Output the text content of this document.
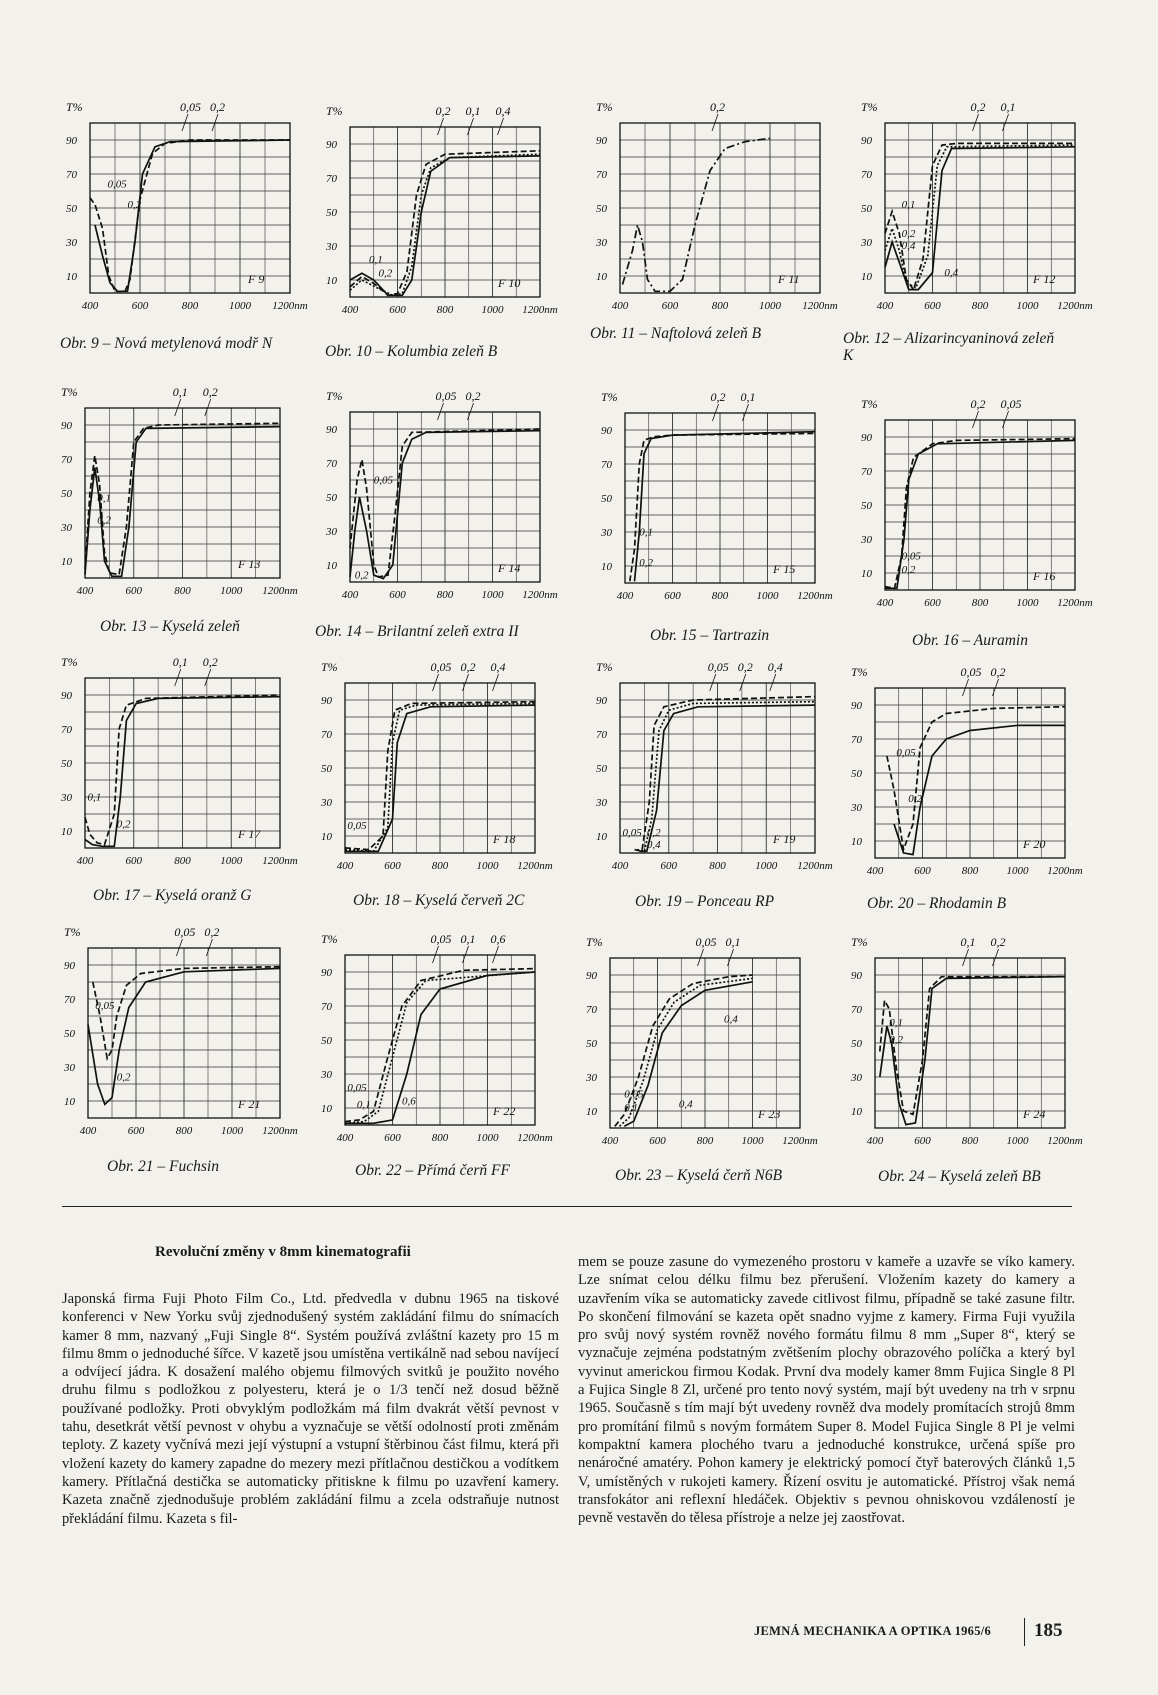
10
30
50
70
90
T%
400	600	800	1000 1200nm
0,05 0,2
0,05
0,2
F 9	10
30
50
70
90
T%
400	600	800	1000 1200nm
0,2 0,1 0,4
0,1
0,2
F 10	10
30
50
70
90
T%
400	600	800	1000 1200nm
0,2
F 11	10
30
50
70
90
T%
400	600	800	1000 1200nm
0,2 0,1
0,1
0,2
0,4
0,4	F 12
10
30
50
70
90
T%
400	600	800	1000 1200nm
0,1 0,2
0,1
0,2
F 13	10
30
50
70
90
T%
400	600	800	1000 1200nm
0,05 0,2
0,05
0,2
F 14	10
30
50
70
90
T%
400	600	800	1000 1200nm
0,2 0,1
0,1
0,2	F 15	10
30
50
70
90
T%
400	600	800	1000 1200nm
0,2 0,05
0,05
0,2	F 16
10
30
50
70
90
T%
400	600	800	1000 1200nm
0,1 0,2
0,1
0,2
F 17	10
30
50
70
90
T%
400	600	800	1000 1200nm
0,05 0,2 0,4
0,05
F 18	10
30
50
70
90
T%
400	600	800	1000 1200nm
0,05 0,2 0,4
0,05 0,2
0,4	F 19	10
30
50
70
90
T%
400	600	800	1000 1200nm
0,05 0,2
0,05
0,2
F 20
10
30
50
70
90
T%
400	600	800	1000 1200nm
0,05 0,2
0,05
0,2
F 21	10
30
50
70
90
T%
400	600	800	1000 1200nm
0,05 0,1 0,6
0,05
0,1	0,6
F 22	10
30
50
70
90
T%
400	600	800	1000 1200nm
0,05 0,1
0,05
0,1	0,4
0,4
F 23	10
30
50
70
90
T%
400	600	800	1000 1200nm
0,1 0,2
0,1
0,2
F 24
Revoluční změny v 8mm kinematografii
Japonská firma Fuji Photo Film Co., Ltd. předvedla v dubnu 1965 na tiskové konferenci v New Yorku svůj zjednodušený systém zakládání filmu do snímacích kamer 8 mm, nazvaný „Fuji Single 8“. Systém používá zvláštní kazety pro 15 m filmu 8mm o jednoduché šířce. V kazetě jsou umístěna vertikálně nad sebou navíjecí a odvíjecí jádra. K dosažení malého objemu filmových svitků je použito nového druhu filmu s podložkou z polyesteru, která je o 1/3 tenčí než dosud běžně používané podložky. Proti obvyklým podložkám má film dvakrát větší pevnost v tahu, desetkrát větší pevnost v ohybu a vyznačuje se větší odolností proti změnám teploty. Z kazety vyčnívá mezi její výstupní a vstupní štěrbinou část filmu, která při vložení kazety do kamery zapadne do mezery mezi přítlačnou destičkou a vodítkem kamery. Přítlačná destička se automaticky přitiskne k filmu po uzavření kamery. Kazeta značně zjednodušuje problém zakládání filmu a zcela odstraňuje nutnost překládání filmu. Kazeta s fil-
mem se pouze zasune do vymezeného prostoru v kameře a uzavře se víko kamery. Lze snímat celou délku filmu bez přerušení. Vložením kazety do kamery a uzavřením víka se automaticky zavede citlivost filmu, případně se také zasune filtr. Po skončení filmování se kazeta opět snadno vyjme z kamery. Firma Fuji využila pro svůj nový systém rovněž nového formátu filmu 8 mm „Super 8“, který se vyznačuje zejména podstatným zvětšením plochy obrazového políčka a který byl vyvinut americkou firmou Kodak. První dva modely kamer 8mm Fujica Single 8 Pl a Fujica Single 8 Zl, určené pro tento nový systém, mají být uvedeny na trh v srpnu 1965. Současně s tím mají být uvedeny rovněž dva modely promítacích strojů 8mm pro promítání filmů s novým formátem Super 8. Model Fujica Single 8 Pl je velmi kompaktní kamera plochého tvaru a jednoduché konstrukce, určená spíše pro nenáročné amatéry. Pohon kamery je elektrický pomocí čtyř baterových článků 1,5 V, umístěných v rukojeti kamery. Řízení osvitu je automatické. Přístroj však nemá transfokátor ani reflexní hledáček. Objektiv s pevnou ohniskovou vzdáleností je pevně vestavěn do tělesa přístroje a nelze jej zaostřovat.
JEMNÁ MECHANIKA A OPTIKA 1965/6 185
Obr. 9 – Nová metylenová modř N	Obr. 10 – Kolumbia zeleň B
Obr. 11 – Naftolová zeleň B	Obr. 12 – Alizarincyaninová zeleň K
Obr. 13 – Kyselá zeleň	Obr. 14 – Brilantní zeleň extra II	Obr. 15 – Tartrazin	Obr. 16 – Auramin
Obr. 17 – Kyselá oranž G	Obr. 18 – Kyselá červeň 2C	Obr. 19 – Ponceau RP	Obr. 20 – Rhodamin B
Obr. 21 – Fuchsin	Obr. 22 – Přímá čerň FF	Obr. 23 – Kyselá čerň N6B	Obr. 24 – Kyselá zeleň BB
